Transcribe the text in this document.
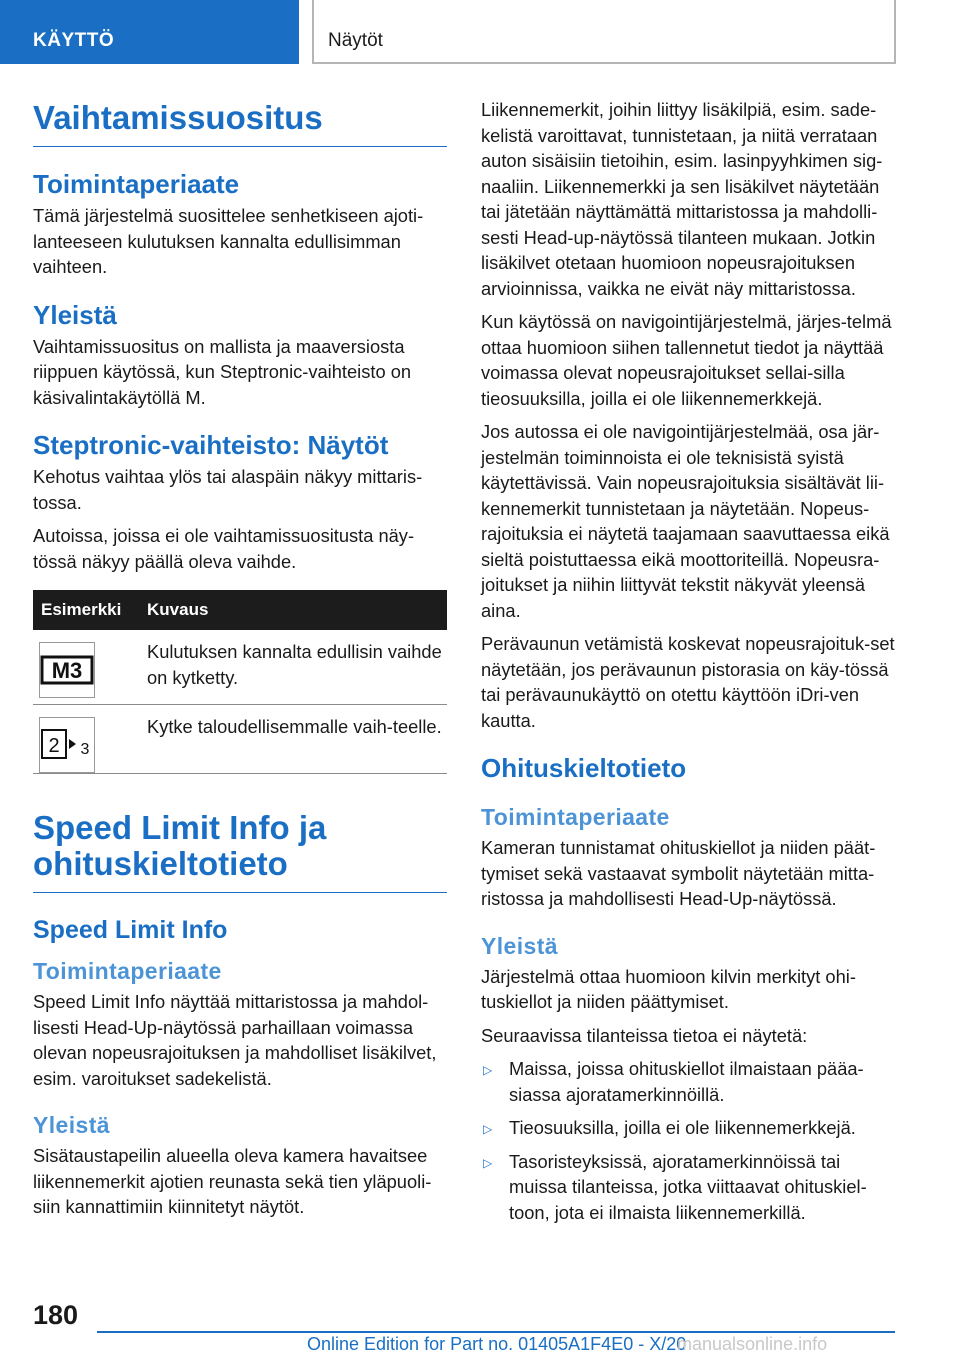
KÄYTTÖ	Näytöt
Vaihtamissuositus
Toimintaperiaate

Tämä järjestelmä suosittelee senhetkiseen ajoti-lanteeseen kulutuksen kannalta edullisimman vaihteen.

Yleistä

Vaihtamissuositus on mallista ja maaversiosta riippuen käytössä, kun Steptronic-vaihteisto on käsivalintakäytöllä M.

Steptronic-vaihteisto: Näytöt

Kehotus vaihtaa ylös tai alaspäin näkyy mittaris-tossa.

Autoissa, joissa ei ole vaihtamissuositusta näy-tössä näkyy päällä oleva vaihde.

Esimerkki	Kuvaus

M3	Kulutuksen kannalta edullisin vaihde on kytketty.

2 3	Kytke taloudellisemmalle vaih-teelle.
Speed Limit Info ja ohituskieltotieto
Speed Limit Info
Toimintaperiaate

Speed Limit Info näyttää mittaristossa ja mahdol-lisesti Head-Up-näytössä parhaillaan voimassa olevan nopeusrajoituksen ja mahdolliset lisäkilvet, esim. varoitukset sadekelistä.

Yleistä

Sisätaustapeilin alueella oleva kamera havaitsee liikennemerkit ajotien reunasta sekä tien yläpuoli-siin kannattimiin kiinnitetyt näytöt.

Liikennemerkit, joihin liittyy lisäkilpiä, esim. sade-kelistä varoittavat, tunnistetaan, ja niitä verrataan auton sisäisiin tietoihin, esim. lasinpyyhkimen sig-naaliin. Liikennemerkki ja sen lisäkilvet näytetään tai jätetään näyttämättä mittaristossa ja mahdolli-sesti Head-up-näytössä tilanteen mukaan. Jotkin lisäkilvet otetaan huomioon nopeusrajoituksen arvioinnissa, vaikka ne eivät näy mittaristossa.

Kun käytössä on navigointijärjestelmä, järjes-telmä ottaa huomioon siihen tallennetut tiedot ja näyttää voimassa olevat nopeusrajoitukset sellai-silla tieosuuksilla, joilla ei ole liikennemerkkejä.

Jos autossa ei ole navigointijärjestelmää, osa jär-jestelmän toiminnoista ei ole teknisistä syistä käytettävissä. Vain nopeusrajoituksia sisältävät lii-kennemerkit tunnistetaan ja näytetään. Nopeus-rajoituksia ei näytetä taajamaan saavuttaessa eikä sieltä poistuttaessa eikä moottoriteillä. Nopeusra-joitukset ja niihin liittyvät tekstit näkyvät yleensä aina.

Perävaunun vetämistä koskevat nopeusrajoituk-set näytetään, jos perävaunun pistorasia on käy-tössä tai perävaunukäyttö on otettu käyttöön iDri-ven kautta.

Ohituskieltotieto
Toimintaperiaate

Kameran tunnistamat ohituskiellot ja niiden päät-tymiset sekä vastaavat symbolit näytetään mitta-ristossa ja mahdollisesti Head-Up-näytössä.

Yleistä

Järjestelmä ottaa huomioon kilvin merkityt ohi-tuskiellot ja niiden päättymiset.

Seuraavissa tilanteissa tietoa ei näytetä:

▷ Maissa, joissa ohituskiellot ilmaistaan pääa-siassa ajoratamerkinnöillä.
▷ Tieosuuksilla, joilla ei ole liikennemerkkejä.
▷ Tasoristeyksissä, ajoratamerkinnöissä tai muissa tilanteissa, jotka viittaavat ohituskiel-toon, jota ei ilmaista liikennemerkillä.
180
Online Edition for Part no. 01405A1F4E0 - X/20
manualsonline.info
